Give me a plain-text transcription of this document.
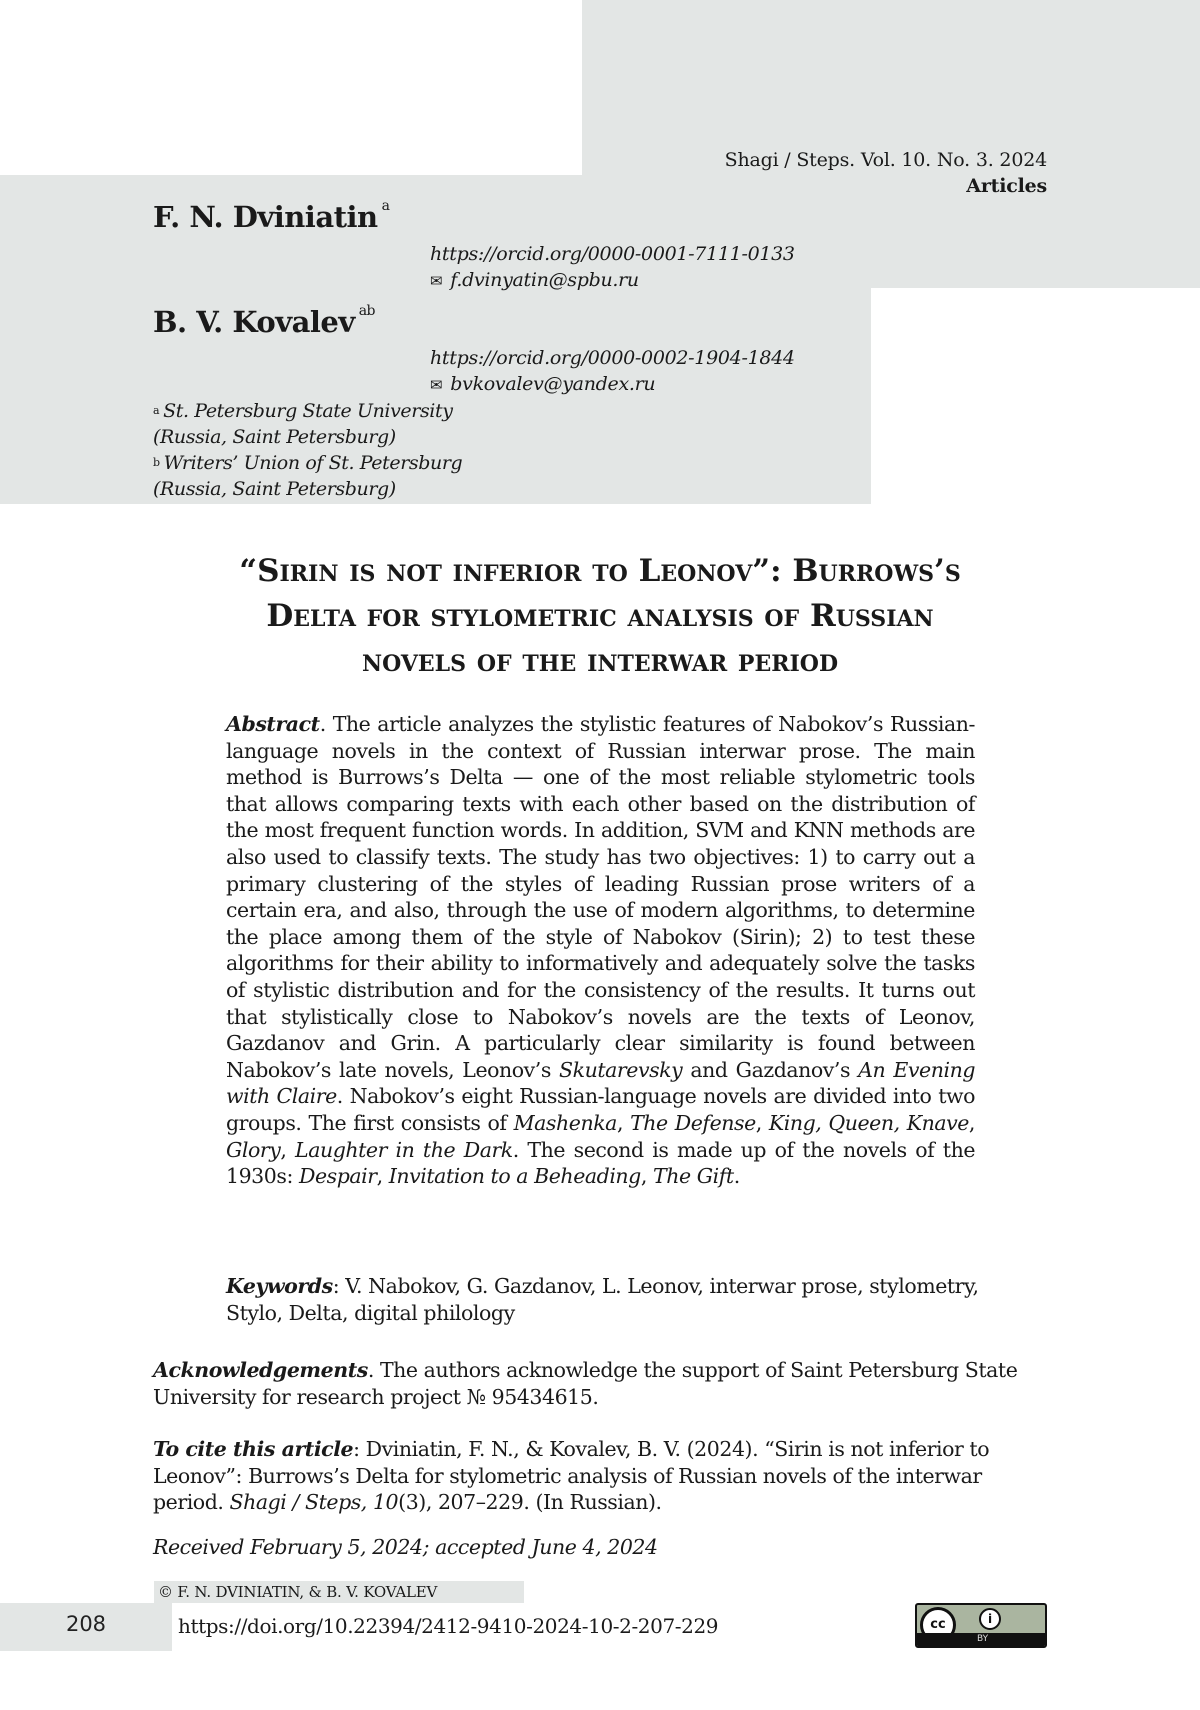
Shagi / Steps. Vol. 10. No. 3. 2024
Articles
F. N. Dviniatin $^a$
https://orcid.org/0000-0001-7111-0133
✉ f.dvinyatin@spbu.ru
B. V. Kovalev $^{ab}$
https://orcid.org/0000-0002-1904-1844
✉ bvkovalev@yandex.ru
$^a$ St. Petersburg State University
(Russia, Saint Petersburg)
$^b$ Writers’ Union of St. Petersburg
(Russia, Saint Petersburg)
“Sirin is not inferior to Leonov”: Burrows’s
Delta for stylometric analysis of Russian
novels of the interwar period
Abstract. The article analyzes the stylistic features of Nabokov’s Russian-language novels in the context of Russian interwar prose. The main method is Burrows’s Delta — one of the most reliable stylometric tools that allows comparing texts with each other based on the distribution of the most frequent function words. In addition, SVM and KNN methods are also used to classify texts. The study has two objectives: 1) to carry out a primary clustering of the styles of leading Russian prose writers of a certain era, and also, through the use of modern algorithms, to determine the place among them of the style of Nabokov (Sirin); 2) to test these algorithms for their ability to informatively and adequately solve the tasks of stylistic distribution and for the consistency of the results. It turns out that stylistically close to Nabokov’s novels are the texts of Leonov, Gazdanov and Grin. A particularly clear similarity is found between Nabokov’s late novels, Leonov’s Skutarevsky and Gazdanov’s An Evening with Claire. Nabokov’s eight Russian-language novels are divided into two groups. The first consists of Mashenka, The Defense, King, Queen, Knave, Glory, Laughter in the Dark. The second is made up of the novels of the 1930s: Despair, Invitation to a Beheading, The Gift.
Keywords: V. Nabokov, G. Gazdanov, L. Leonov, interwar prose, stylometry, Stylo, Delta, digital philology
Acknowledgements. The authors acknowledge the support of Saint Petersburg State University for research project № 95434615.
To cite this article: Dviniatin, F. N., & Kovalev, B. V. (2024). “Sirin is not inferior to Leonov”: Burrows’s Delta for stylometric analysis of Russian novels of the interwar period. Shagi / Steps, 10(3), 207–229. (In Russian).
Received February 5, 2024; accepted June 4, 2024
© F. N. DVINIATIN, & B. V. KOVALEV
208	https://doi.org/10.22394/2412-9410-2024-10-2-207-229	cc	i
BY
